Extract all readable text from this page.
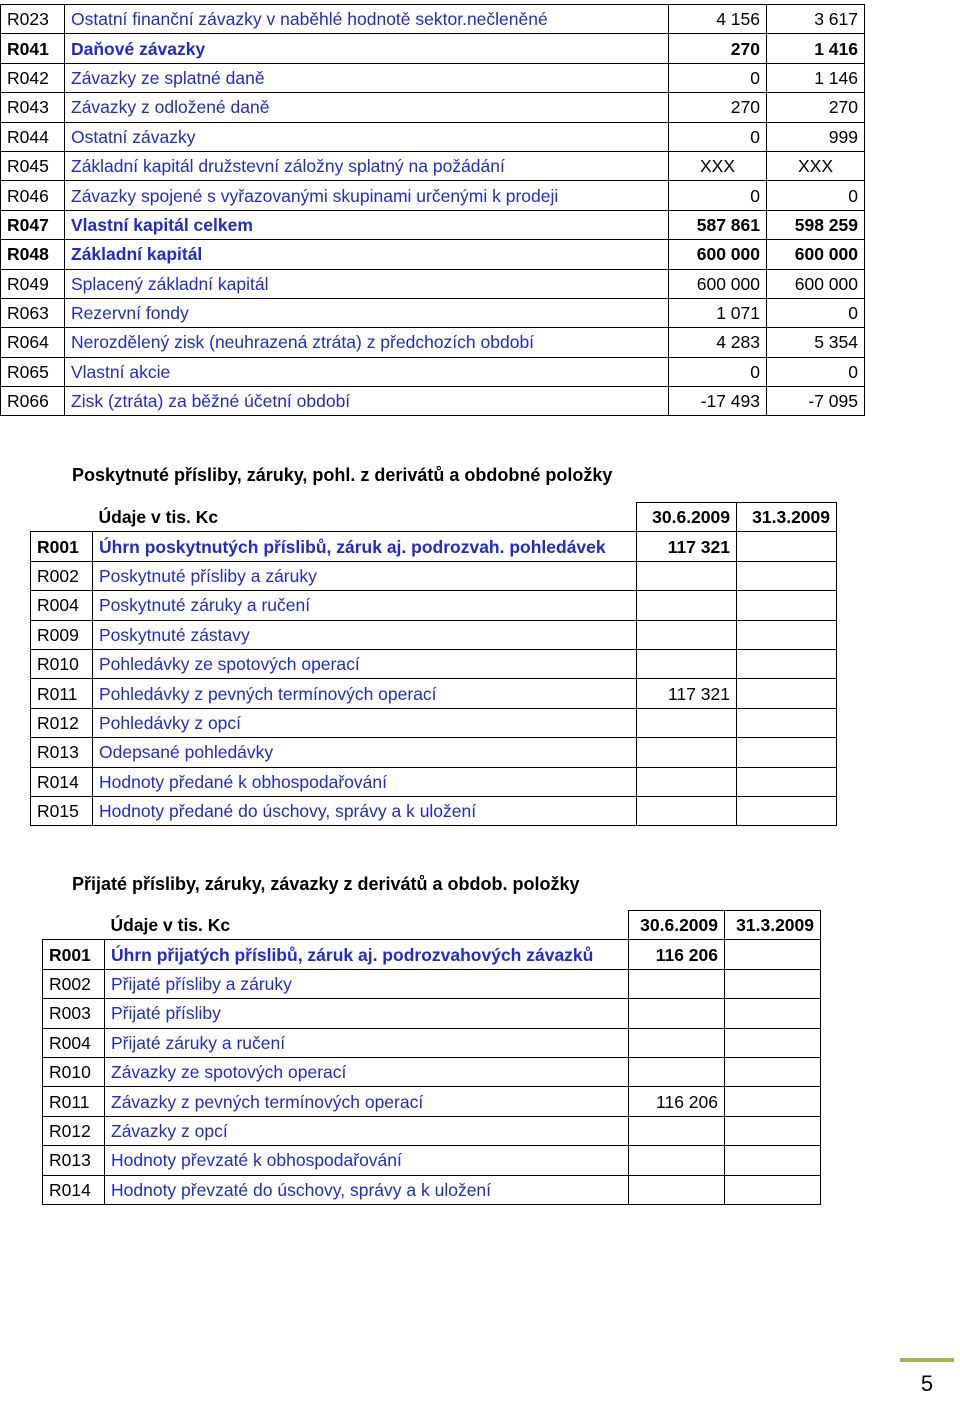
R023	Ostatní finanční závazky v naběhlé hodnotě sektor.nečleněné	4 156	3 617
R041	Daňové závazky	270	1 416
R042	Závazky ze splatné daně	0	1 146
R043	Závazky z odložené daně	270	270
R044	Ostatní závazky	0	999
R045	Základní kapitál družstevní záložny splatný na požádání	XXX	XXX
R046	Závazky spojené s vyřazovanými skupinami určenými k prodeji	0	0
R047	Vlastní kapitál celkem	587 861	598 259
R048	Základní kapitál	600 000	600 000
R049	Splacený základní kapitál	600 000	600 000
R063	Rezervní fondy	1 071	0
R064	Nerozdělený zisk (neuhrazená ztráta) z předchozích období	4 283	5 354
R065	Vlastní akcie	0	0
R066	Zisk (ztráta) za běžné účetní období	-17 493	-7 095
Poskytnuté přísliby, záruky, pohl. z derivátů a obdobné položky
	Údaje v tis. Kc	30.6.2009	31.3.2009
R001	Úhrn poskytnutých příslibů, záruk aj. podrozvah. pohledávek	117 321	
R002	Poskytnuté přísliby a záruky		
R004	Poskytnuté záruky a ručení		
R009	Poskytnuté zástavy		
R010	Pohledávky ze spotových operací		
R011	Pohledávky z pevných termínových operací	117 321	
R012	Pohledávky z opcí		
R013	Odepsané pohledávky		
R014	Hodnoty předané k obhospodařování		
R015	Hodnoty předané do úschovy, správy a k uložení		
Přijaté přísliby, záruky, závazky z derivátů a obdob. položky
	Údaje v tis. Kc	30.6.2009	31.3.2009
R001	Úhrn přijatých příslibů, záruk aj. podrozvahových závazků	116 206	
R002	Přijaté přísliby a záruky		
R003	Přijaté přísliby		
R004	Přijaté záruky a ručení		
R010	Závazky ze spotových operací		
R011	Závazky z pevných termínových operací	116 206	
R012	Závazky z opcí		
R013	Hodnoty převzaté k obhospodařování		
R014	Hodnoty převzaté do úschovy, správy a k uložení		
5
